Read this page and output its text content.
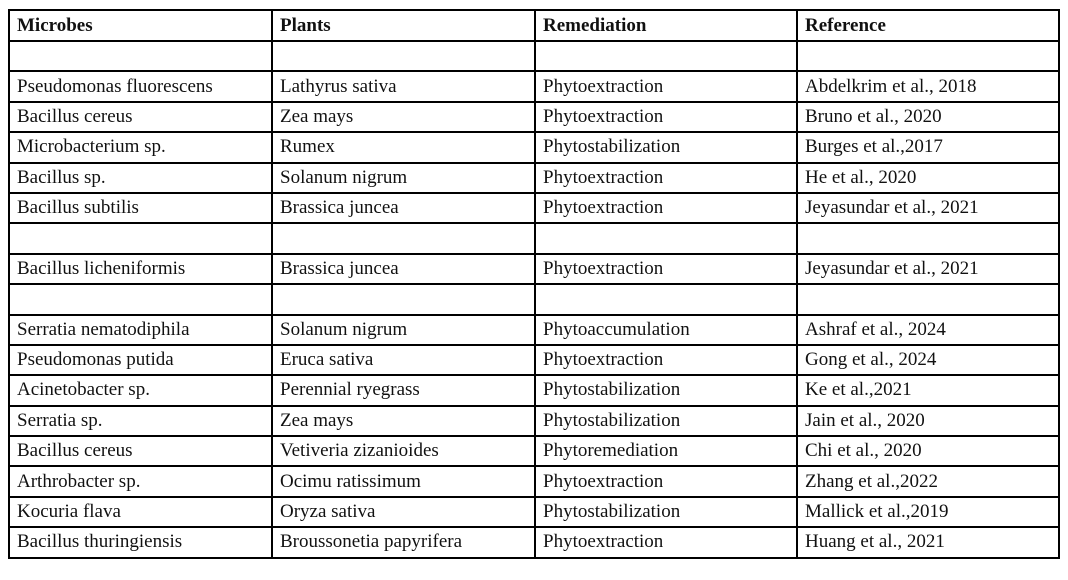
Microbes	Plants	Remediation	Reference

Pseudomonas fluorescens	Lathyrus sativa	Phytoextraction	Abdelkrim et al., 2018
Bacillus cereus	Zea mays	Phytoextraction	Bruno et al., 2020
Microbacterium sp.	Rumex	Phytostabilization	Burges et al.,2017
Bacillus sp.	Solanum nigrum	Phytoextraction	He et al., 2020
Bacillus subtilis	Brassica juncea	Phytoextraction	Jeyasundar et al., 2021

Bacillus licheniformis	Brassica juncea	Phytoextraction	Jeyasundar et al., 2021

Serratia nematodiphila	Solanum nigrum	Phytoaccumulation	Ashraf et al., 2024
Pseudomonas putida	Eruca sativa	Phytoextraction	Gong et al., 2024
Acinetobacter sp.	Perennial ryegrass	Phytostabilization	Ke et al.,2021
Serratia sp.	Zea mays	Phytostabilization	Jain et al., 2020
Bacillus cereus	Vetiveria zizanioides	Phytoremediation	Chi et al., 2020
Arthrobacter sp.	Ocimu ratissimum	Phytoextraction	Zhang et al.,2022
Kocuria flava	Oryza sativa	Phytostabilization	Mallick et al.,2019
Bacillus thuringiensis	Broussonetia papyrifera	Phytoextraction	Huang et al., 2021
